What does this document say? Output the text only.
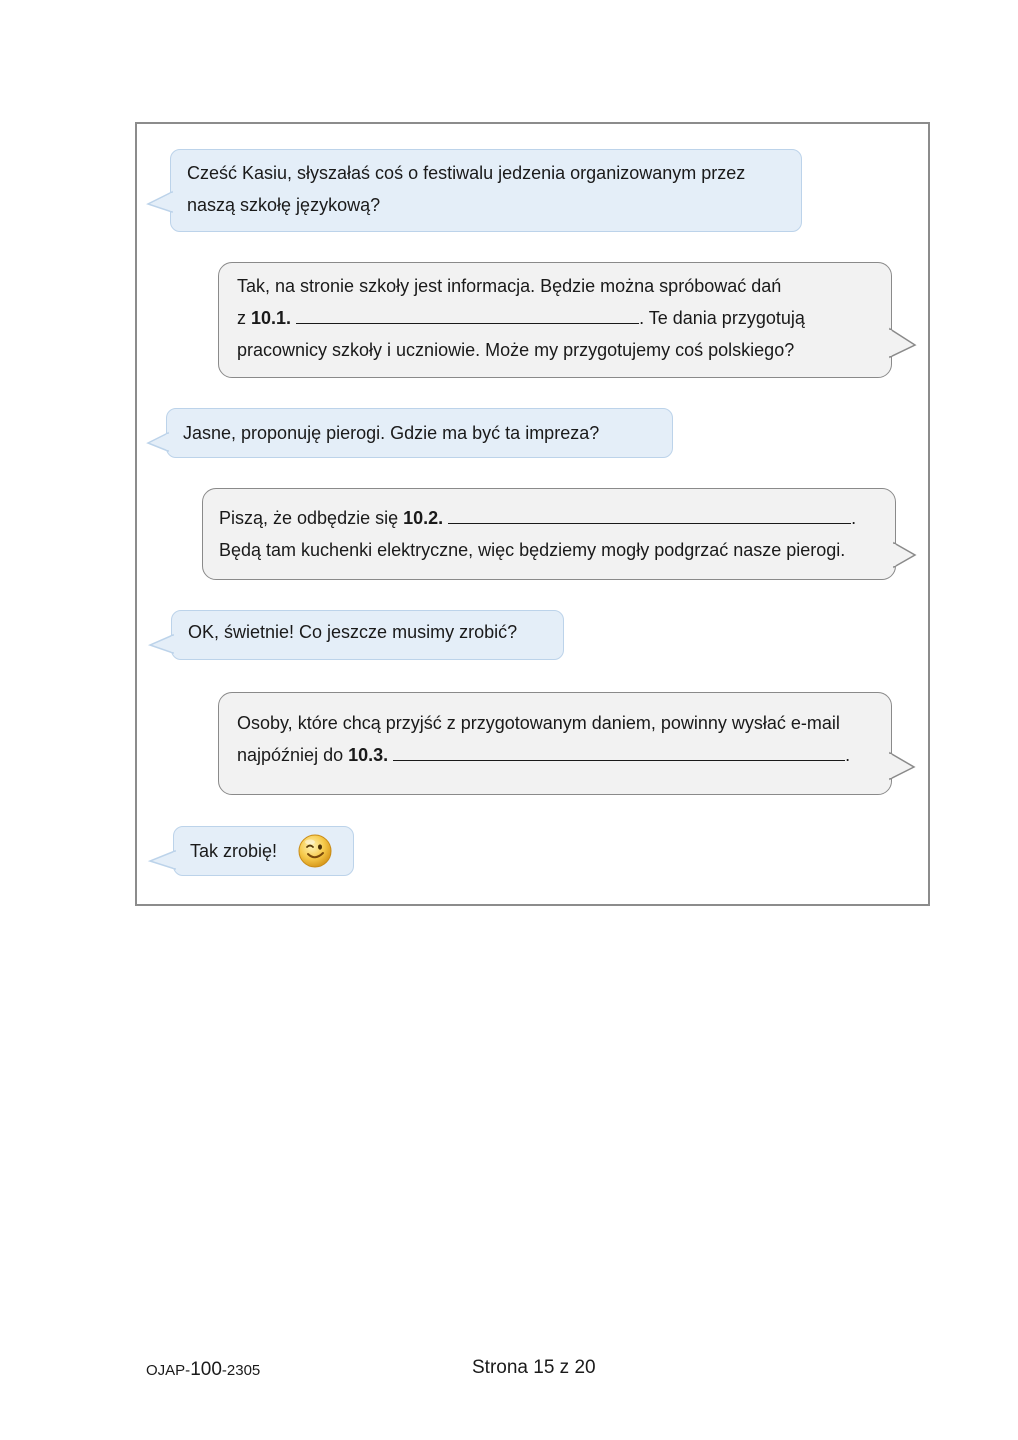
Cześć Kasiu, słyszałaś coś o festiwalu jedzenia organizowanym przez naszą szkołę językową?
Tak, na stronie szkoły jest informacja. Będzie można spróbować dań
z 10.1.	. Te dania przygotują
pracownicy szkoły i uczniowie. Może my przygotujemy coś polskiego?
Jasne, proponuję pierogi. Gdzie ma być ta impreza?
Piszą, że odbędzie się 10.2.	.
Będą tam kuchenki elektryczne, więc będziemy mogły podgrzać nasze pierogi.
OK, świetnie! Co jeszcze musimy zrobić?
Osoby, które chcą przyjść z przygotowanym daniem, powinny wysłać e-mail
najpóźniej do 10.3.	.
Tak zrobię!
OJAP-100-2305	Strona 15 z 20
